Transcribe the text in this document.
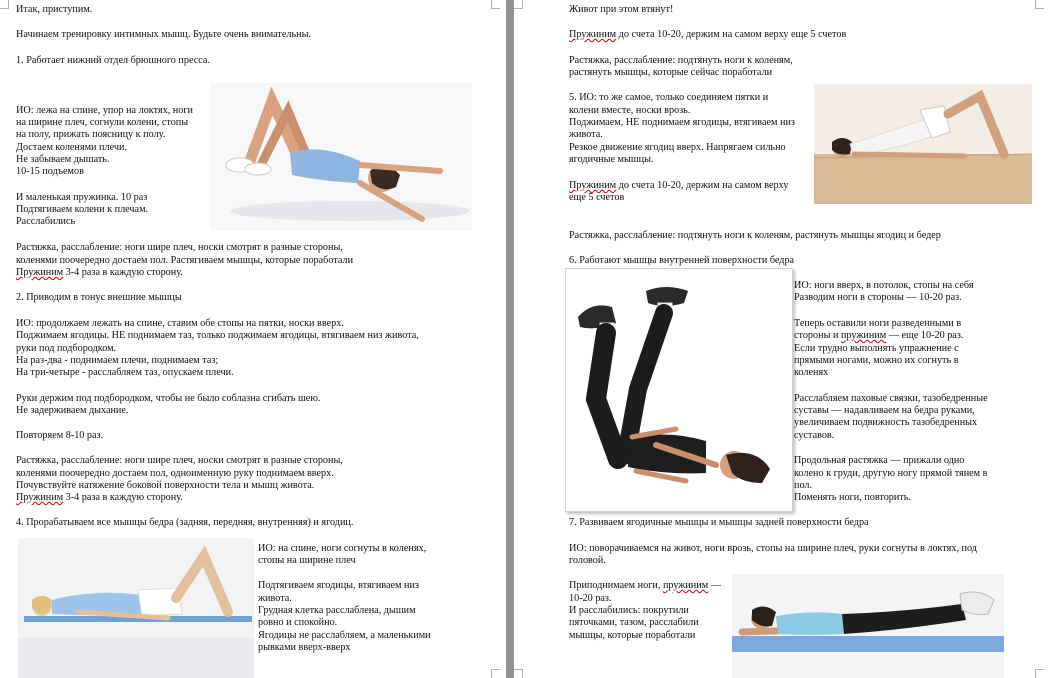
Итак, приступим.

Начинаем тренировку интимных мышц. Будьте очень внимательны.

1. Работает нижний отдел брюшного пресса.

ИО: лежа на спине, упор на локтях, ноги

на ширине плеч, согнули колени, стопы

на полу, прижать поясницу к полу.

Достаем коленями плечи.

Не забываем дышать.

10-15 подъемов

И маленькая пружинка. 10 раз

Подтягиваем колени к плечам.

Расслабились

Растяжка, расслабление: ноги шире плеч, носки смотрят в разные стороны,

коленями поочередно достаем пол. Растягиваем мышцы, которые поработали

Пружиним 3-4 раза в каждую сторону.

2. Приводим в тонус внешние мышцы

ИО: продолжаем лежать на спине, ставим обе стопы на пятки, носки вверх.

Поджимаем ягодицы. НЕ поднимаем таз, только поджимаем ягодицы, втягиваем низ живота,

руки под подбородком.

На раз-два - поднимаем плечи, поднимаем таз;

На три-четыре - расслабляем таз, опускаем плечи.

Руки держим под подбородком, чтобы не было соблазна сгибать шею.

Не задерживаем дыхание.

Повторяем 8-10 раз.

Растяжка, расслабление: ноги шире плеч, носки смотрят в разные стороны,

коленями поочередно достаем пол, одноименную руку поднимаем вверх.

Почувствуйте натяжение боковой поверхности тела и мышц живота.

Пружиним 3-4 раза в каждую сторону.

4. Прорабатываем все мышцы бедра (задняя, передняя, внутренняя) и ягодиц.

ИО: на спине, ноги согнуты в коленях,

стопы на ширине плеч

Подтягиваем ягодицы, втягиваем низ

живота.

Грудная клетка расслаблена, дышим

ровно и спокойно.

Ягодицы не расслабляем, а маленькими

рывками вверх-вверх

Живот при этом втянут!

Пружиним до счета 10-20, держим на самом верху еще 5 счетов

Растяжка, расслабление: подтянуть ноги к коленям,

растянуть мышцы, которые сейчас поработали

5. ИО: то же самое, только соединяем пятки и

колени вместе, носки врозь.

Поджимаем, НЕ поднимаем ягодицы, втягиваем низ

живота.

Резкое движение ягодиц вверх. Напрягаем сильно

ягодичные мышцы.

Пружиним до счета 10-20, держим на самом верху

еще 5 счетов

Растяжка, расслабление: подтянуть ноги к коленям, растянуть мышцы ягодиц и бедер

6. Работают мышцы внутренней поверхности бедра

ИО: ноги вверх, в потолок, стопы на себя

Разводим ноги в стороны — 10-20 раз.

Теперь оставили ноги разведенными в

стороны и пружиним — еще 10-20 раз.

Если трудно выполнять упражнение с

прямыми ногами, можно их согнуть в

коленях

Расслабляем паховые связки, тазобедренные

суставы — надавливаем на бедра руками,

увеличиваем подвижность тазобедренных

суставов.

Продольная растяжка — прижали одно

колено к груди, другую ногу прямой тянем в

пол.

Поменять ноги, повторить.

7. Развиваем ягодичные мышцы и мышцы задней поверхности бедра

ИО: поворачиваемся на живот, ноги врозь, стопы на ширине плеч, руки согнуты в локтях, под

головой.

Приподнимаем ноги, пружиним —

10-20 раз.

И расслабились: покрутили

пяточками, тазом, расслабили

мышцы, которые поработали
